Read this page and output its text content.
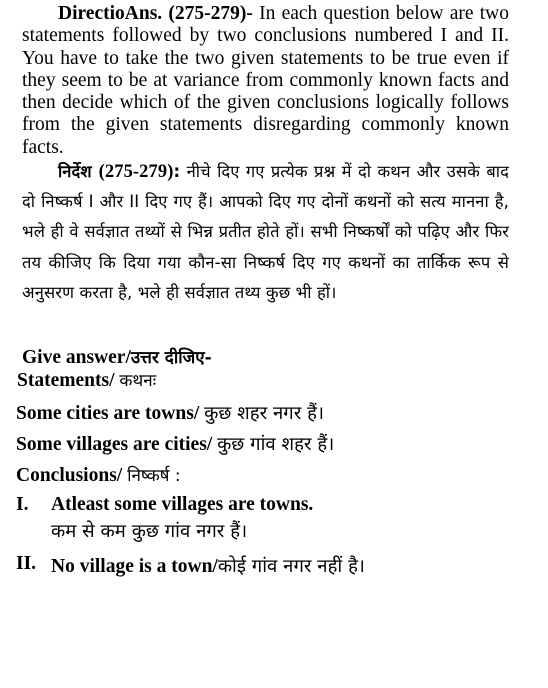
DirectioAns. (275-279)- In each question below are two statements followed by two conclusions numbered I and II. You have to take the two given statements to be true even if they seem to be at variance from commonly known facts and then decide which of the given conclusions logically follows from the given statements disregarding commonly known facts.
निर्देश (275-279): नीचे दिए गए प्रत्येक प्रश्न में दो कथन और उसके बाद दो निष्कर्ष I और II दिए गए हैं। आपको दिए गए दोनों कथनों को सत्य मानना है, भले ही वे सर्वज्ञात तथ्यों से भिन्न प्रतीत होते हों। सभी निष्कर्षों को पढ़िए और फिर तय कीजिए कि दिया गया कौन-सा निष्कर्ष दिए गए कथनों का तार्किक रूप से अनुसरण करता है, भले ही सर्वज्ञात तथ्य कुछ भी हों।
Give answer/उत्तर दीजिए-
Statements/ कथनः
Some cities are towns/ कुछ शहर नगर हैं।
Some villages are cities/ कुछ गांव शहर हैं।
Conclusions/ निष्कर्ष :
I. Atleast some villages are towns.
कम से कम कुछ गांव नगर हैं।
II. No village is a town/कोई गांव नगर नहीं है।
